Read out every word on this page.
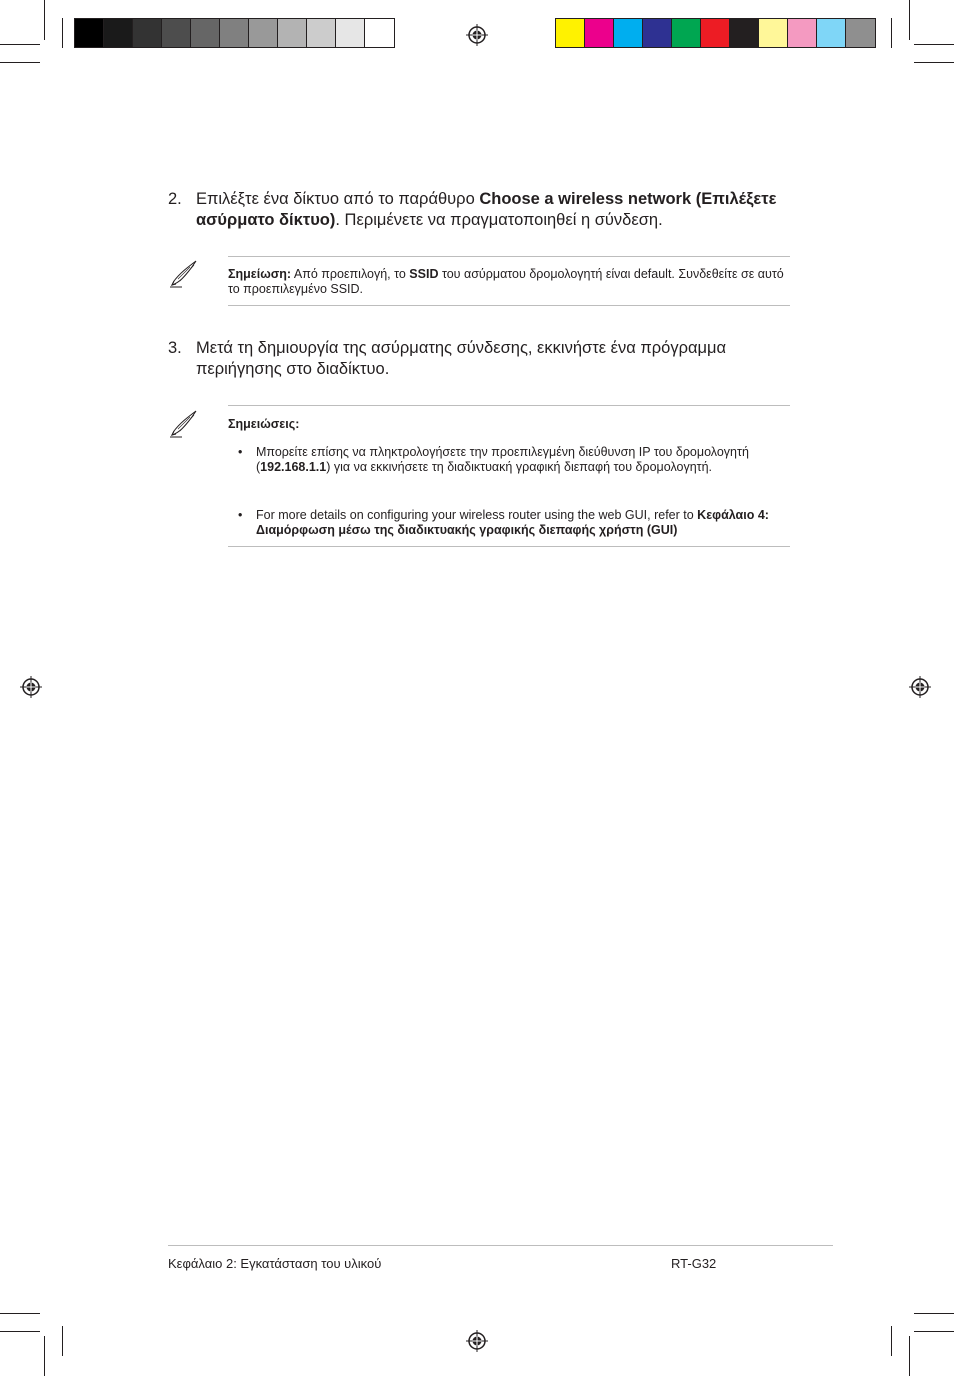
2. Επιλέξτε ένα δίκτυο από το παράθυρο Choose a wireless network (Επιλέξετε ασύρματο δίκτυο). Περιμένετε να πραγματοποιηθεί η σύνδεση.
Σημείωση: Από προεπιλογή, το SSID του ασύρματου δρομολογητή είναι default. Συνδεθείτε σε αυτό το προεπιλεγμένο SSID.
3. Μετά τη δημιουργία της ασύρματης σύνδεσης, εκκινήστε ένα πρόγραμμα περιήγησης στο διαδίκτυο.
Σημειώσεις:
• Μπορείτε επίσης να πληκτρολογήσετε την προεπιλεγμένη διεύθυνση IP του δρομολογητή (192.168.1.1) για να εκκινήσετε τη διαδικτυακή γραφική διεπαφή του δρομολογητή.
• For more details on configuring your wireless router using the web GUI, refer to Κεφάλαιο 4: Διαμόρφωση μέσω της διαδικτυακής γραφικής διεπαφής χρήστη (GUI)
Κεφάλαιο 2: Εγκατάσταση του υλικού	RT-G32
